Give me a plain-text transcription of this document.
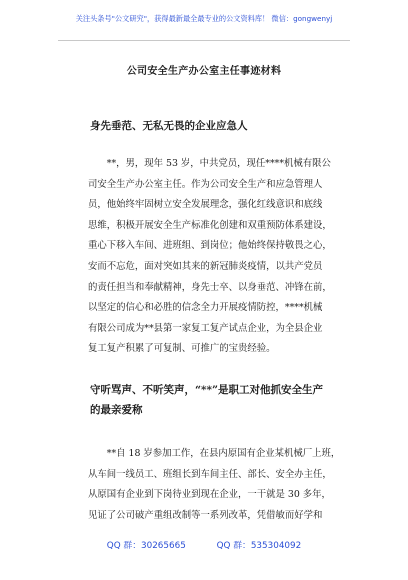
关注头条号"公文研究"，获得最新最全最专业的公文资料库！ 微信：gongwenyj
公司安全生产办公室主任事迹材料
身先垂范、无私无畏的企业应急人
　　**，男，现年 53 岁，中共党员，现任****机械有限公
司安全生产办公室主任。作为公司安全生产和应急管理人
员，他始终牢固树立安全发展理念，强化红线意识和底线
思维，积极开展安全生产标准化创建和双重预防体系建设，
重心下移入车间、进班组、到岗位；他始终保持敬畏之心，
安而不忘危，面对突如其来的新冠肺炎疫情，以共产党员
的责任担当和奉献精神，身先士卒、以身垂范、冲锋在前，
以坚定的信心和必胜的信念全力开展疫情防控，****机械
有限公司成为**县第一家复工复产试点企业，为全县企业
复工复产积累了可复制、可推广的宝贵经验。
守听骂声、不听笑声，“**”是职工对他抓安全生产
的最亲爱称
　　**自 18 岁参加工作，在县内原国有企业某机械厂上班，
从车间一线员工、班组长到车间主任、部长、安全办主任，
从原国有企业到下岗待业到现在企业，一干就是 30 多年，
见证了公司破产重组改制等一系列改革，凭借敏而好学和
QQ 群：30265665	QQ 群：535304092
